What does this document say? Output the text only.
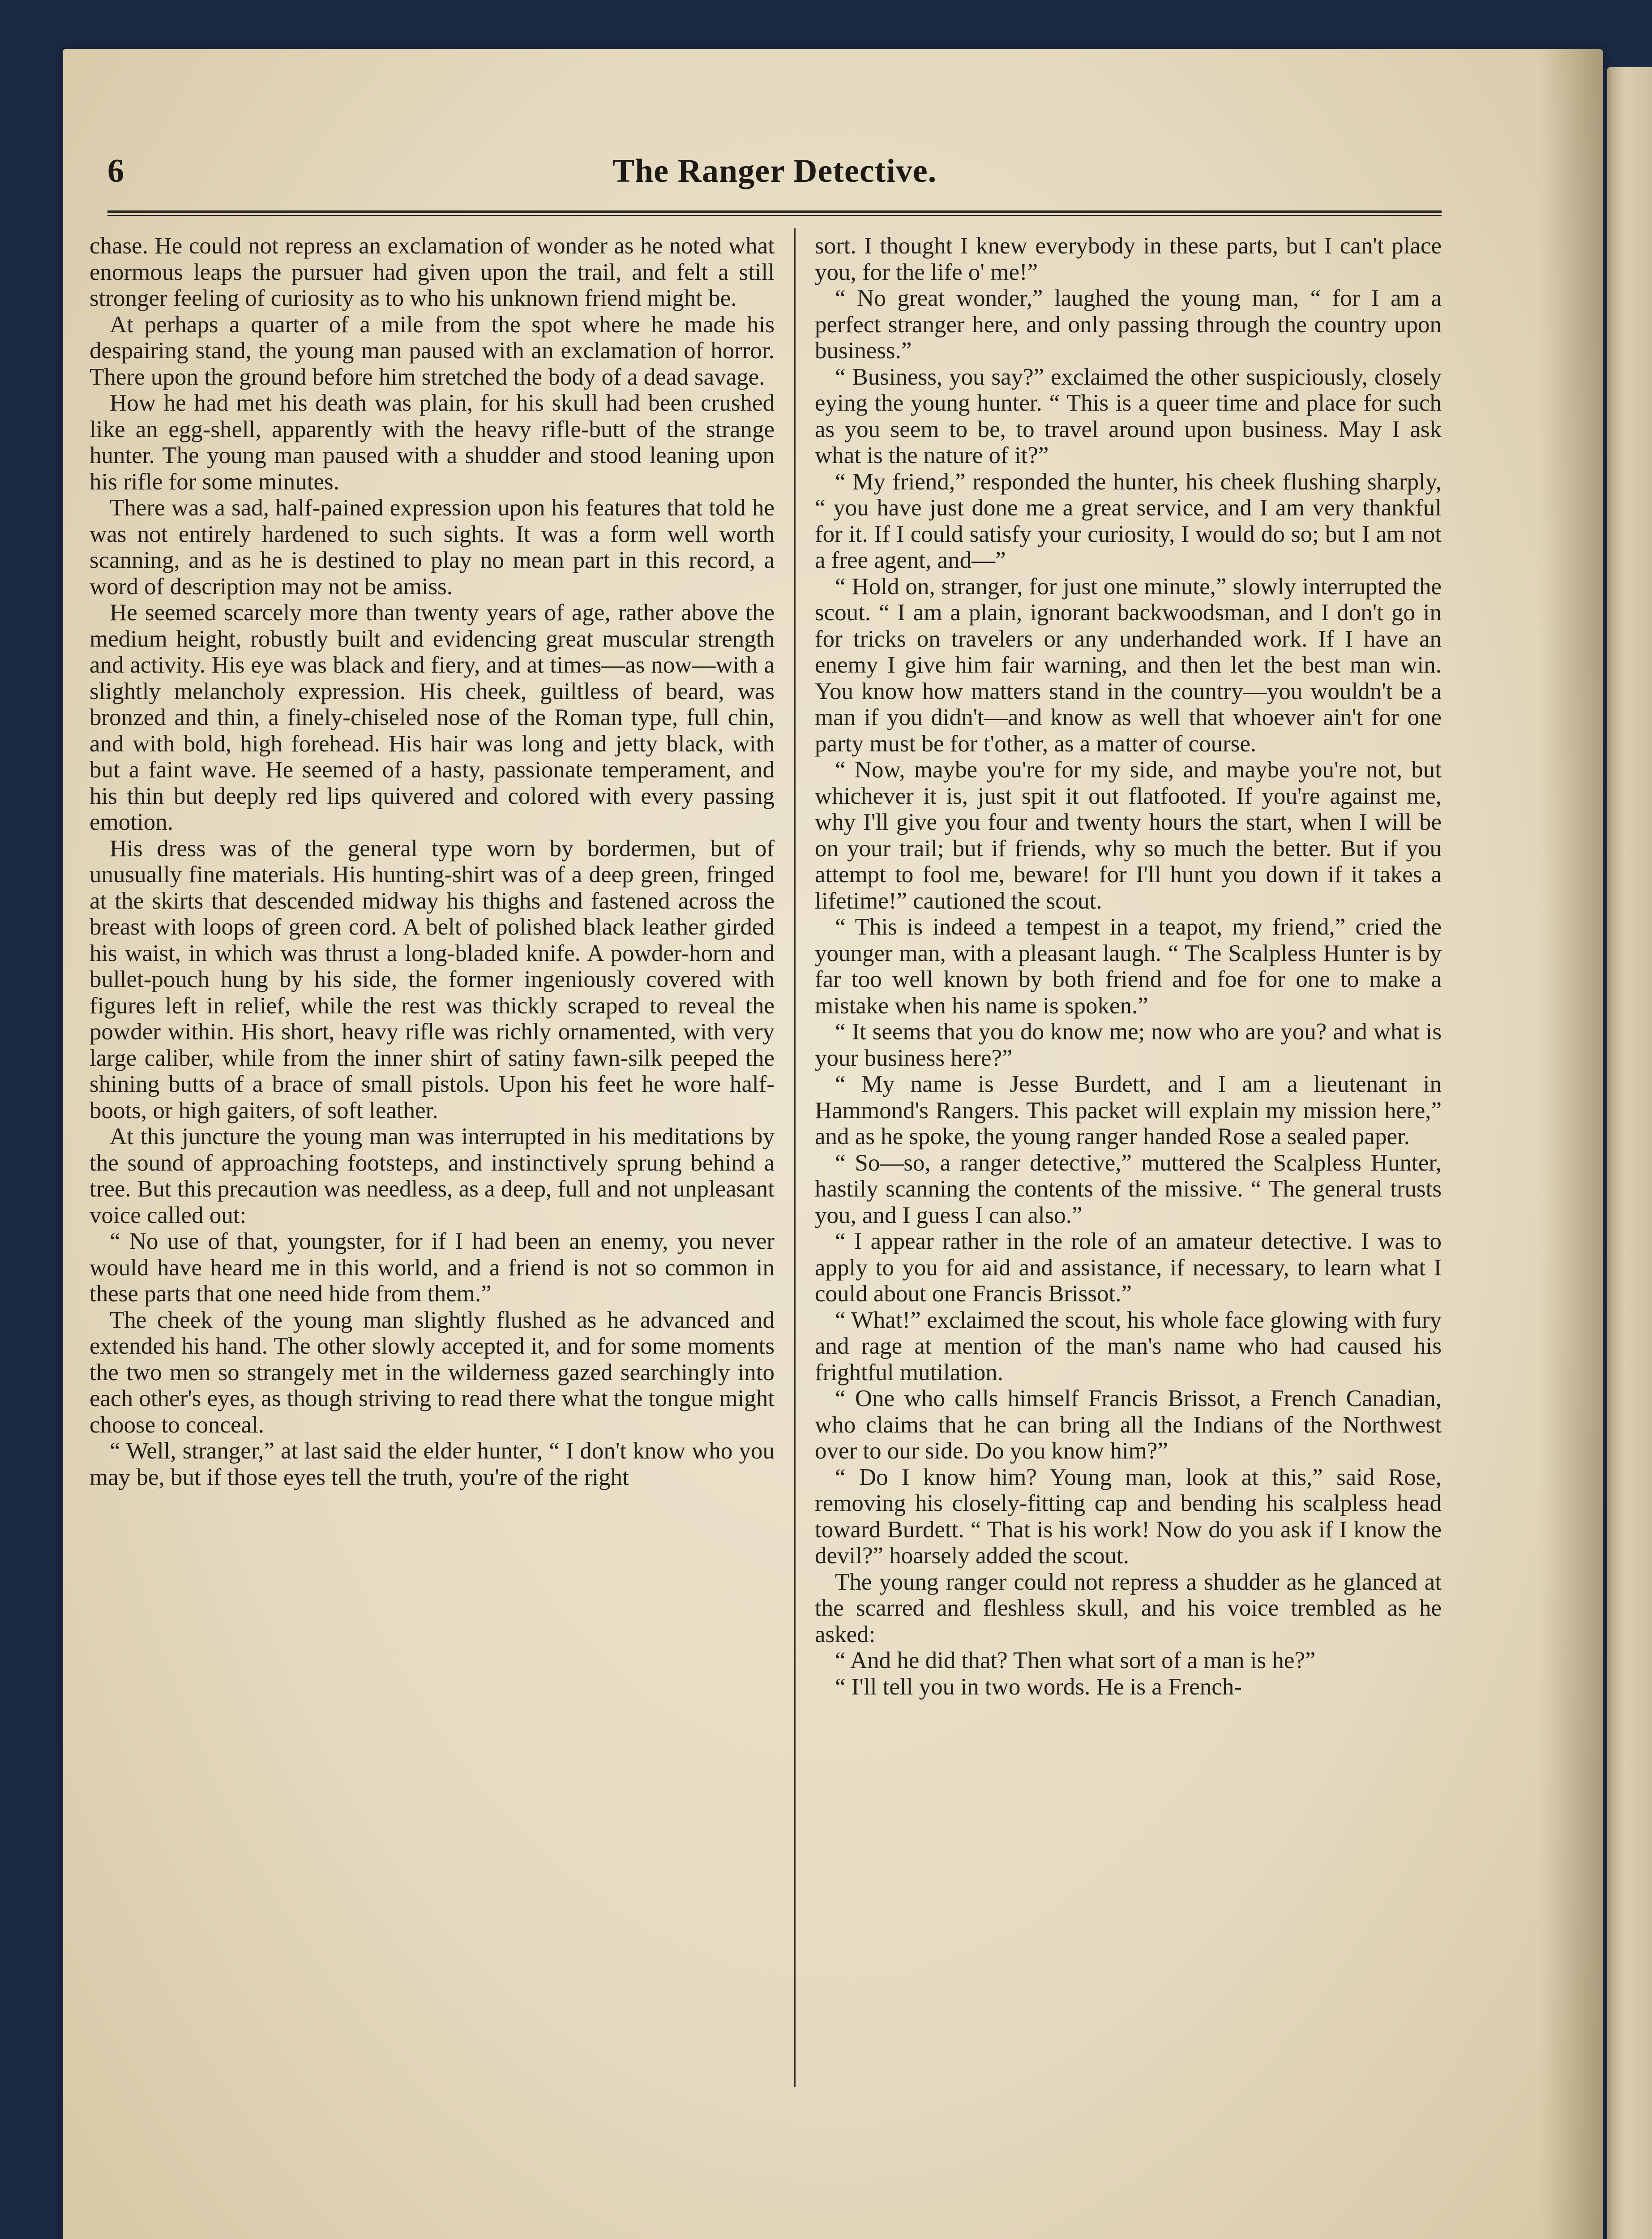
6	The Ranger Detective.

chase. He could not repress an exclamation of wonder as he noted what enormous leaps the pursuer had given upon the trail, and felt a still stronger feeling of curiosity as to who his unknown friend might be.

At perhaps a quarter of a mile from the spot where he made his despairing stand, the young man paused with an exclamation of horror. There upon the ground before him stretched the body of a dead savage.

How he had met his death was plain, for his skull had been crushed like an egg-shell, apparently with the heavy rifle-butt of the strange hunter. The young man paused with a shudder and stood leaning upon his rifle for some minutes.

There was a sad, half-pained expression upon his features that told he was not entirely hardened to such sights. It was a form well worth scanning, and as he is destined to play no mean part in this record, a word of description may not be amiss.

He seemed scarcely more than twenty years of age, rather above the medium height, robustly built and evidencing great muscular strength and activity. His eye was black and fiery, and at times—as now—with a slightly melancholy expression. His cheek, guiltless of beard, was bronzed and thin, a finely-chiseled nose of the Roman type, full chin, and with bold, high forehead. His hair was long and jetty black, with but a faint wave. He seemed of a hasty, passionate temperament, and his thin but deeply red lips quivered and colored with every passing emotion.

His dress was of the general type worn by bordermen, but of unusually fine materials. His hunting-shirt was of a deep green, fringed at the skirts that descended midway his thighs and fastened across the breast with loops of green cord. A belt of polished black leather girded his waist, in which was thrust a long-bladed knife. A powder-horn and bullet-pouch hung by his side, the former ingeniously covered with figures left in relief, while the rest was thickly scraped to reveal the powder within. His short, heavy rifle was richly ornamented, with very large caliber, while from the inner shirt of satiny fawn-silk peeped the shining butts of a brace of small pistols. Upon his feet he wore half-boots, or high gaiters, of soft leather.

At this juncture the young man was interrupted in his meditations by the sound of approaching footsteps, and instinctively sprung behind a tree. But this precaution was needless, as a deep, full and not unpleasant voice called out:

“ No use of that, youngster, for if I had been an enemy, you never would have heard me in this world, and a friend is not so common in these parts that one need hide from them.”

The cheek of the young man slightly flushed as he advanced and extended his hand. The other slowly accepted it, and for some moments the two men so strangely met in the wilderness gazed searchingly into each other's eyes, as though striving to read there what the tongue might choose to conceal.

“ Well, stranger,” at last said the elder hunter, “ I don't know who you may be, but if those eyes tell the truth, you're of the right

sort. I thought I knew everybody in these parts, but I can't place you, for the life o' me!”

“ No great wonder,” laughed the young man, “ for I am a perfect stranger here, and only passing through the country upon business.”

“ Business, you say?” exclaimed the other suspiciously, closely eying the young hunter. “ This is a queer time and place for such as you seem to be, to travel around upon business. May I ask what is the nature of it?”

“ My friend,” responded the hunter, his cheek flushing sharply, “ you have just done me a great service, and I am very thankful for it. If I could satisfy your curiosity, I would do so; but I am not a free agent, and—”

“ Hold on, stranger, for just one minute,” slowly interrupted the scout. “ I am a plain, ignorant backwoodsman, and I don't go in for tricks on travelers or any underhanded work. If I have an enemy I give him fair warning, and then let the best man win. You know how matters stand in the country—you wouldn't be a man if you didn't—and know as well that whoever ain't for one party must be for t'other, as a matter of course.

“ Now, maybe you're for my side, and maybe you're not, but whichever it is, just spit it out flatfooted. If you're against me, why I'll give you four and twenty hours the start, when I will be on your trail; but if friends, why so much the better. But if you attempt to fool me, beware! for I'll hunt you down if it takes a lifetime!” cautioned the scout.

“ This is indeed a tempest in a teapot, my friend,” cried the younger man, with a pleasant laugh. “ The Scalpless Hunter is by far too well known by both friend and foe for one to make a mistake when his name is spoken.”

“ It seems that you do know me; now who are you? and what is your business here?”

“ My name is Jesse Burdett, and I am a lieutenant in Hammond's Rangers. This packet will explain my mission here,” and as he spoke, the young ranger handed Rose a sealed paper.

“ So—so, a ranger detective,” muttered the Scalpless Hunter, hastily scanning the contents of the missive. “ The general trusts you, and I guess I can also.”

“ I appear rather in the role of an amateur detective. I was to apply to you for aid and assistance, if necessary, to learn what I could about one Francis Brissot.”

“ What!” exclaimed the scout, his whole face glowing with fury and rage at mention of the man's name who had caused his frightful mutilation.

“ One who calls himself Francis Brissot, a French Canadian, who claims that he can bring all the Indians of the Northwest over to our side. Do you know him?”

“ Do I know him? Young man, look at this,” said Rose, removing his closely-fitting cap and bending his scalpless head toward Burdett. “ That is his work! Now do you ask if I know the devil?” hoarsely added the scout.

The young ranger could not repress a shudder as he glanced at the scarred and fleshless skull, and his voice trembled as he asked:

“ And he did that? Then what sort of a man is he?”

“ I'll tell you in two words. He is a French-
